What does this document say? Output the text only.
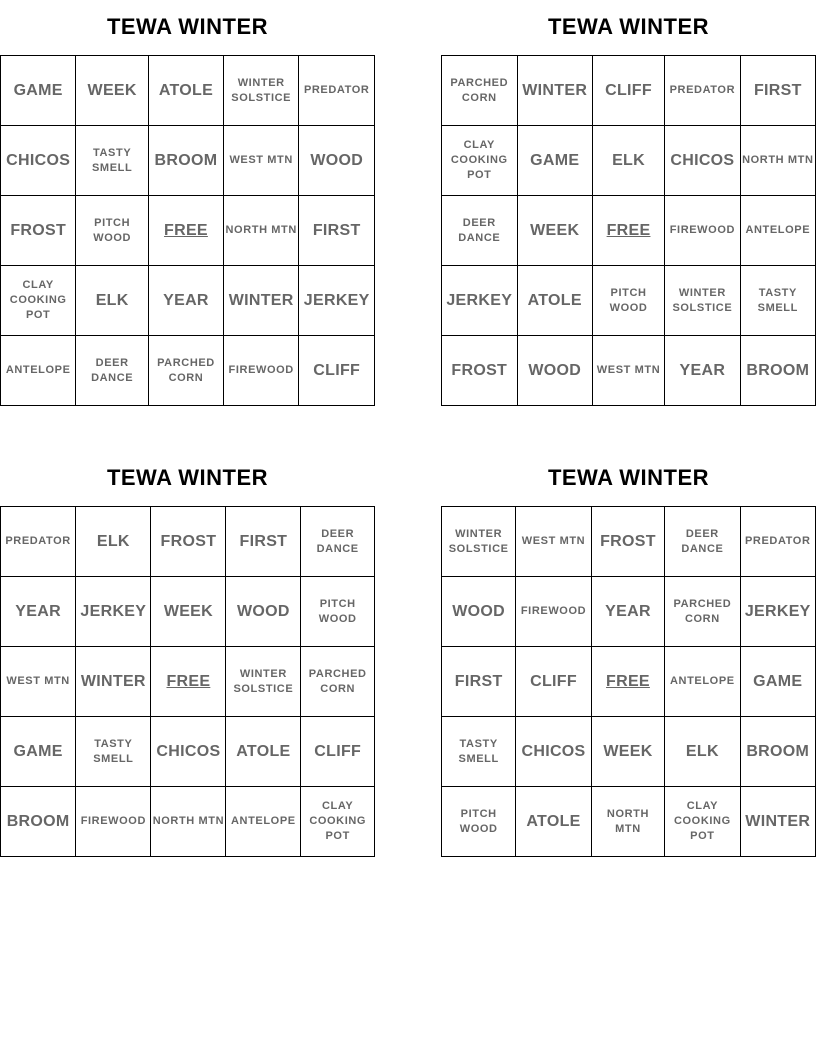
TEWA WINTER
GAME	WEEK	ATOLE	WINTER SOLSTICE	PREDATOR
CHICOS	TASTY SMELL	BROOM	WEST MTN	WOOD
FROST	PITCH WOOD	FREE	NORTH MTN	FIRST
CLAY COOKING POT	ELK	YEAR	WINTER	JERKEY
ANTELOPE	DEER DANCE	PARCHED CORN	FIREWOOD	CLIFF
TEWA WINTER
PARCHED CORN	WINTER	CLIFF	PREDATOR	FIRST
CLAY COOKING POT	GAME	ELK	CHICOS	NORTH MTN
DEER DANCE	WEEK	FREE	FIREWOOD	ANTELOPE
JERKEY	ATOLE	PITCH WOOD	WINTER SOLSTICE	TASTY SMELL
FROST	WOOD	WEST MTN	YEAR	BROOM
TEWA WINTER
PREDATOR	ELK	FROST	FIRST	DEER DANCE
YEAR	JERKEY	WEEK	WOOD	PITCH WOOD
WEST MTN	WINTER	FREE	WINTER SOLSTICE	PARCHED CORN
GAME	TASTY SMELL	CHICOS	ATOLE	CLIFF
BROOM	FIREWOOD	NORTH MTN	ANTELOPE	CLAY COOKING POT
TEWA WINTER
WINTER SOLSTICE	WEST MTN	FROST	DEER DANCE	PREDATOR
WOOD	FIREWOOD	YEAR	PARCHED CORN	JERKEY
FIRST	CLIFF	FREE	ANTELOPE	GAME
TASTY SMELL	CHICOS	WEEK	ELK	BROOM
PITCH WOOD	ATOLE	NORTH MTN	CLAY COOKING POT	WINTER
